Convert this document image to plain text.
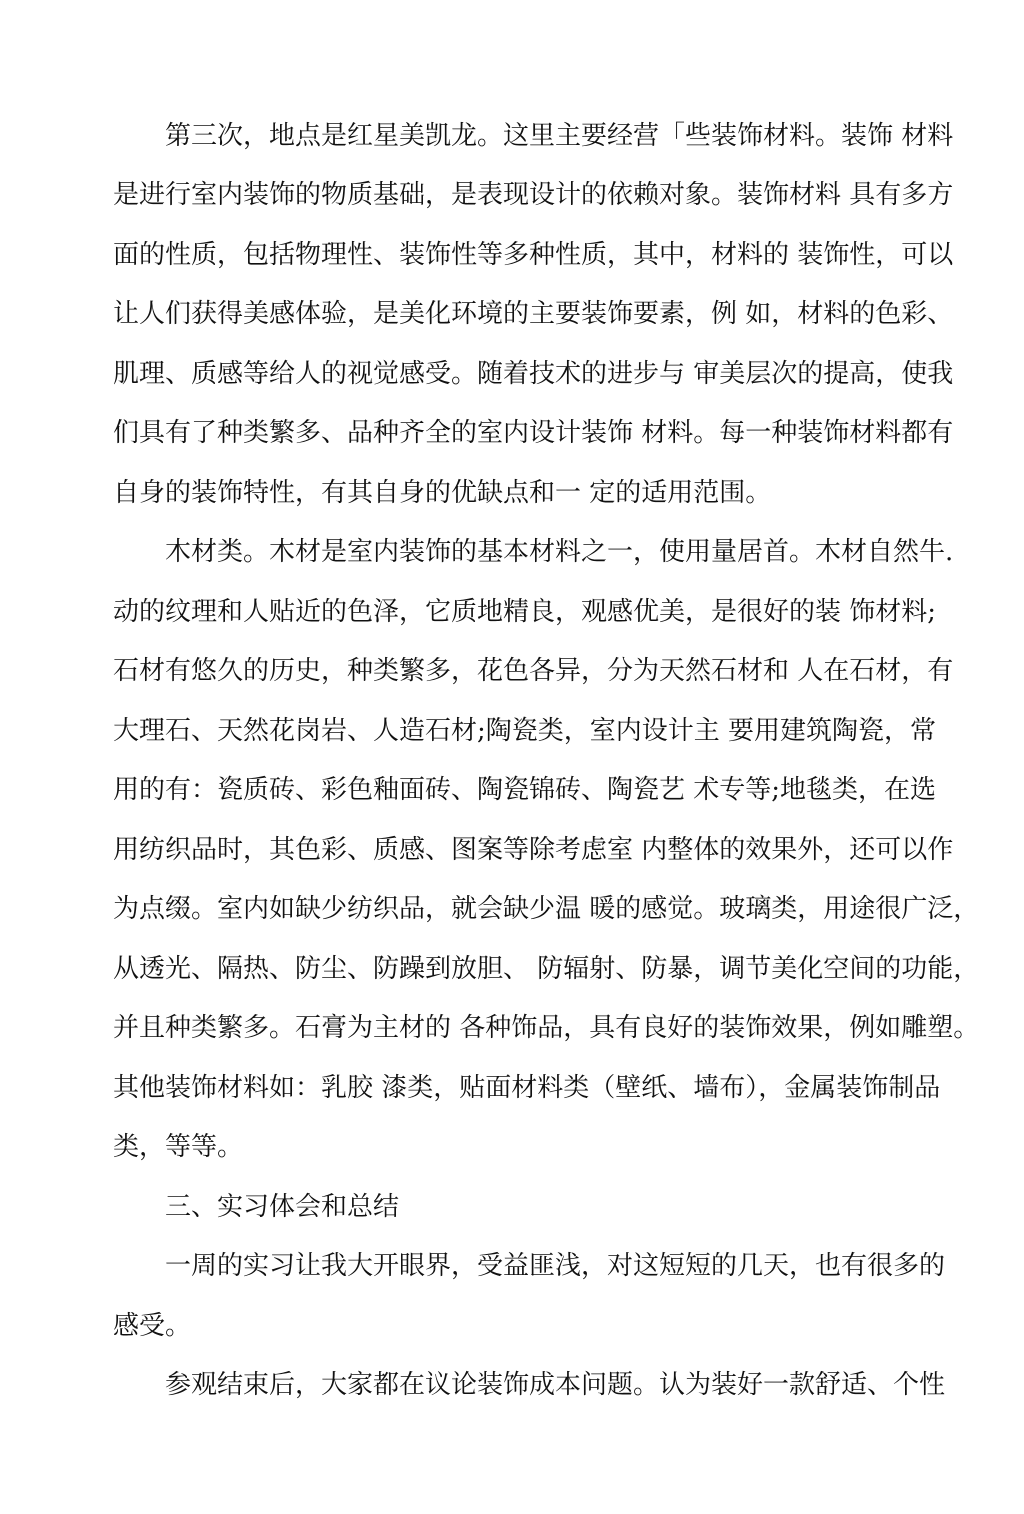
第三次，地点是红星美凯龙。这里主要经营「些装饰材料。装饰 材料
是进行室内装饰的物质基础，是表现设计的依赖对象。装饰材料 具有多方
面的性质，包括物理性、装饰性等多种性质，其中，材料的 装饰性，可以
让人们获得美感体验，是美化环境的主要装饰要素，例 如，材料的色彩、
肌理、质感等给人的视觉感受。随着技术的进步与 审美层次的提高，使我
们具有了种类繁多、品种齐全的室内设计装饰 材料。每一种装饰材料都有
自身的装饰特性，有其自身的优缺点和一 定的适用范围。
木材类。木材是室内装饰的基本材料之一，使用量居首。木材自然牛.
动的纹理和人贴近的色泽，它质地精良，观感优美，是很好的装 饰材料;
石材有悠久的历史，种类繁多，花色各异，分为天然石材和 人在石材，有
大理石、天然花岗岩、人造石材;陶瓷类，室内设计主 要用建筑陶瓷，常
用的有：瓷质砖、彩色釉面砖、陶瓷锦砖、陶瓷艺 术专等;地毯类，在选
用纺织品时，其色彩、质感、图案等除考虑室 内整体的效果外，还可以作
为点缀。室内如缺少纺织品，就会缺少温 暖的感觉。玻璃类，用途很广泛，
从透光、隔热、防尘、防躁到放胆、 防辐射、防暴，调节美化空间的功能，
并且种类繁多。石膏为主材的 各种饰品，具有良好的装饰效果，例如雕塑。
其他装饰材料如：乳胶 漆类，贴面材料类（壁纸、墙布），金属装饰制品
类，等等。
三、实习体会和总结
一周的实习让我大开眼界，受益匪浅，对这短短的几天，也有很多的
感受。
参观结束后，大家都在议论装饰成本问题。认为装好一款舒适、个性
